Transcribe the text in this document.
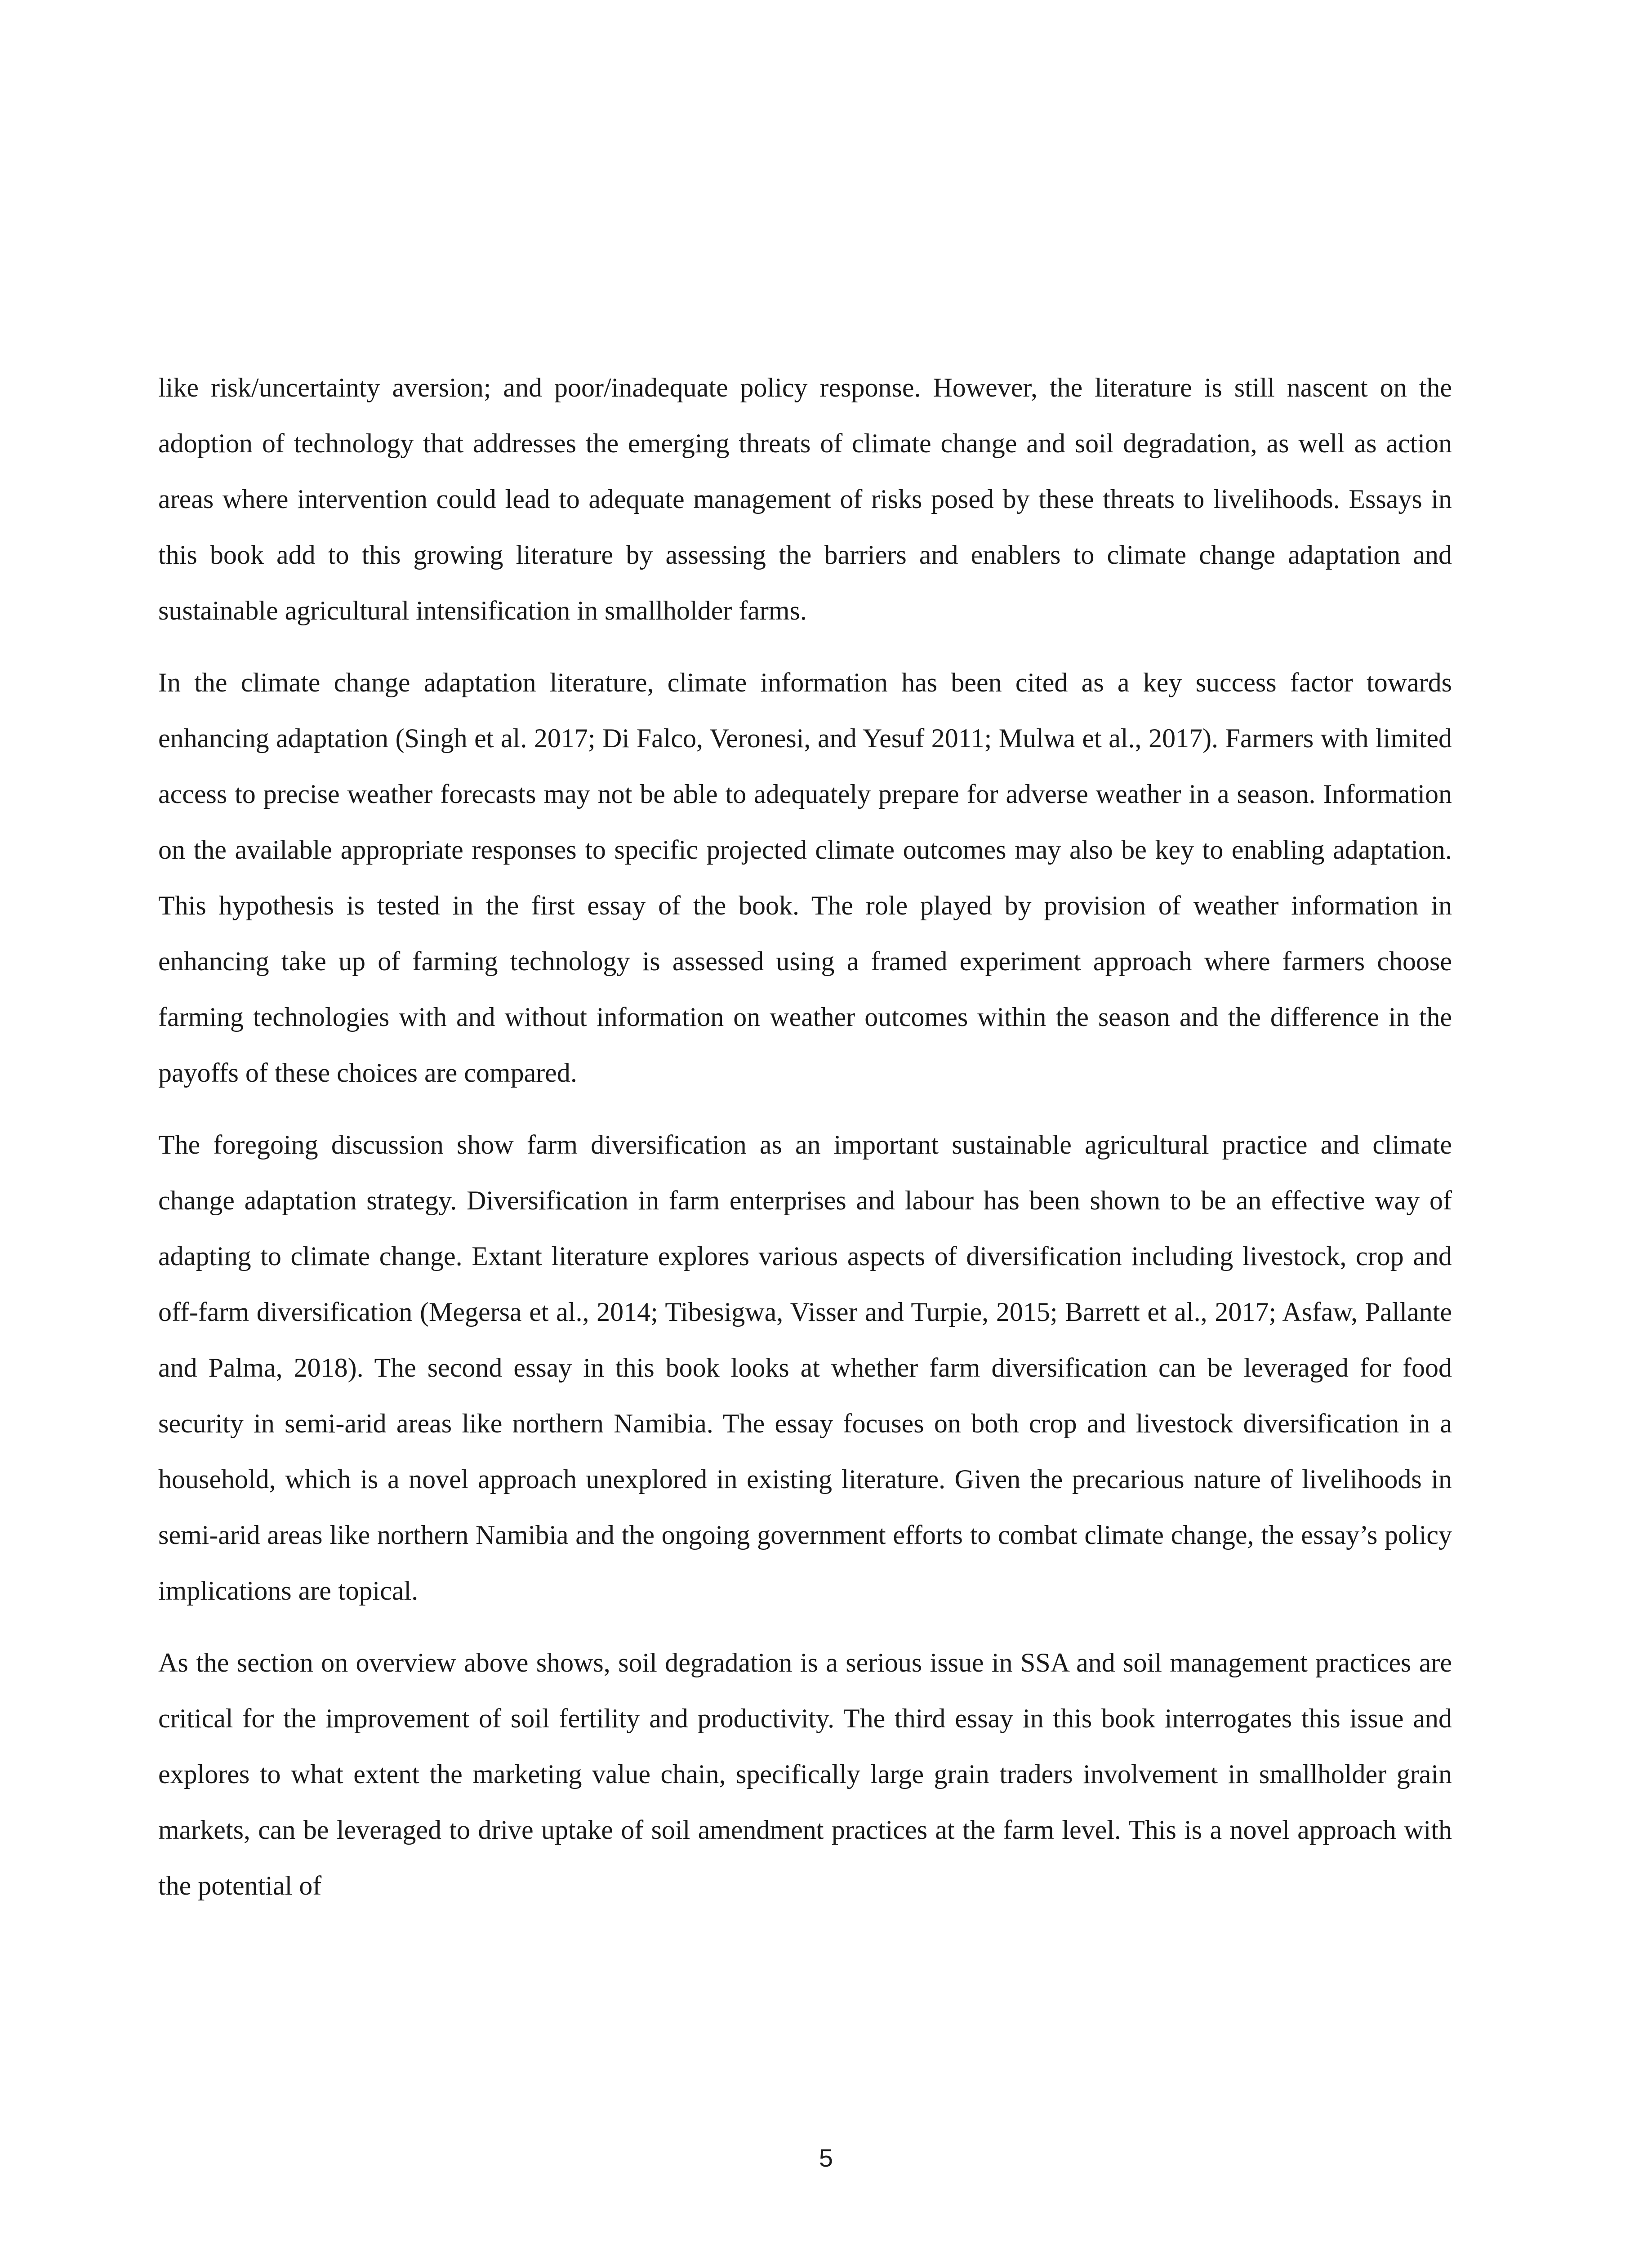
like risk/uncertainty aversion; and poor/inadequate policy response. However, the literature is still nascent on the adoption of technology that addresses the emerging threats of climate change and soil degradation, as well as action areas where intervention could lead to adequate management of risks posed by these threats to livelihoods. Essays in this book add to this growing literature by assessing the barriers and enablers to climate change adaptation and sustainable agricultural intensification in smallholder farms.

In the climate change adaptation literature, climate information has been cited as a key success factor towards enhancing adaptation (Singh et al. 2017; Di Falco, Veronesi, and Yesuf 2011; Mulwa et al., 2017). Farmers with limited access to precise weather forecasts may not be able to adequately prepare for adverse weather in a season. Information on the available appropriate responses to specific projected climate outcomes may also be key to enabling adaptation. This hypothesis is tested in the first essay of the book. The role played by provision of weather information in enhancing take up of farming technology is assessed using a framed experiment approach where farmers choose farming technologies with and without information on weather outcomes within the season and the difference in the payoffs of these choices are compared.

The foregoing discussion show farm diversification as an important sustainable agricultural practice and climate change adaptation strategy. Diversification in farm enterprises and labour has been shown to be an effective way of adapting to climate change. Extant literature explores various aspects of diversification including livestock, crop and off-farm diversification (Megersa et al., 2014; Tibesigwa, Visser and Turpie, 2015; Barrett et al., 2017; Asfaw, Pallante and Palma, 2018). The second essay in this book looks at whether farm diversification can be leveraged for food security in semi-arid areas like northern Namibia. The essay focuses on both crop and livestock diversification in a household, which is a novel approach unexplored in existing literature. Given the precarious nature of livelihoods in semi-arid areas like northern Namibia and the ongoing government efforts to combat climate change, the essay’s policy implications are topical.

As the section on overview above shows, soil degradation is a serious issue in SSA and soil management practices are critical for the improvement of soil fertility and productivity. The third essay in this book interrogates this issue and explores to what extent the marketing value chain, specifically large grain traders involvement in smallholder grain markets, can be leveraged to drive uptake of soil amendment practices at the farm level. This is a novel approach with the potential of

5
